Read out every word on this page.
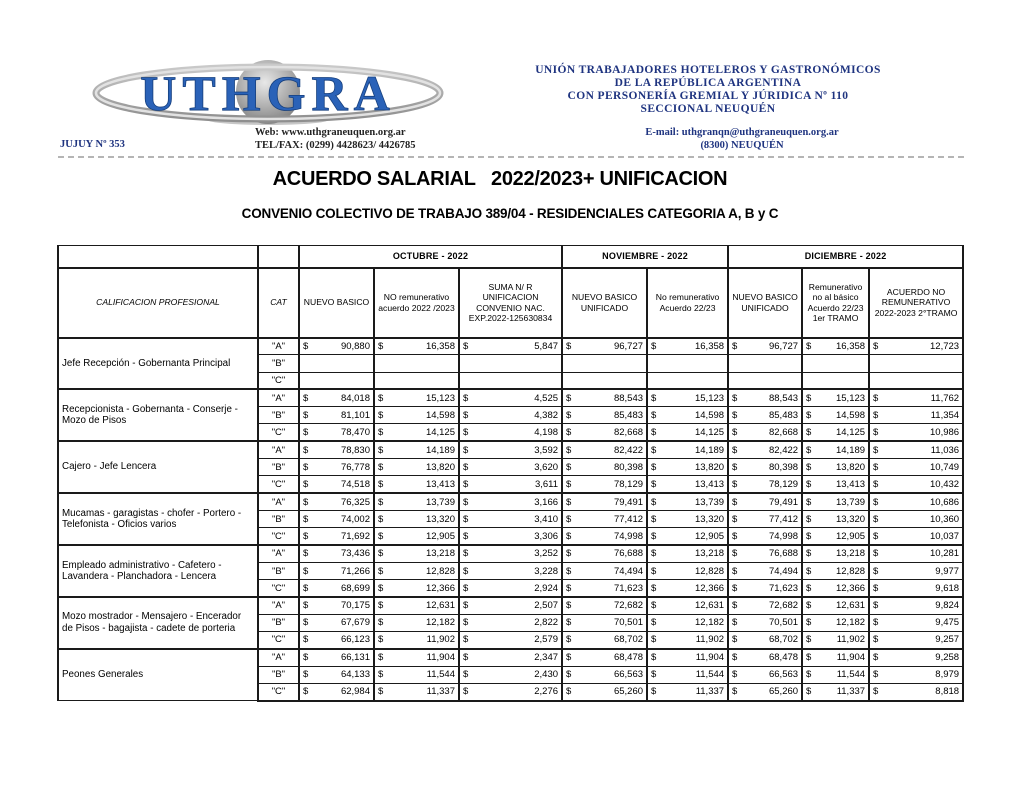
UTHGRA	UNIÓN TRABAJADORES HOTELEROS Y GASTRONÓMICOS
DE LA REPÚBLICA ARGENTINA
CON PERSONERÍA GREMIAL Y JÚRIDICA Nº 110
SECCIONAL NEUQUÉN
JUJUY Nº 353
Web: www.uthgraneuquen.org.ar
TEL/FAX: (0299) 4428623/ 4426785
E-mail: uthgranqn@uthgraneuquen.org.ar
(8300) NEUQUÉN
ACUERDO SALARIAL   2022/2023+ UNIFICACION
CONVENIO COLECTIVO DE TRABAJO 389/04 - RESIDENCIALES CATEGORIA A, B y C
		OCTUBRE - 2022			NOVIEMBRE - 2022		DICIEMBRE - 2022		
CALIFICACION PROFESIONAL	CAT	NUEVO BASICO	NO remunerativo acuerdo 2022 /2023	SUMA N/ R UNIFICACION CONVENIO NAC. EXP.2022-125630834	NUEVO BASICO UNIFICADO	No remunerativo Acuerdo 22/23	NUEVO BASICO UNIFICADO	Remunerativo no al básico Acuerdo 22/23 1er TRAMO	ACUERDO NO REMUNERATIVO 2022-2023 2°TRAMO
Jefe Recepción - Gobernanta Principal	"A"	$ 90,880	$ 16,358	$ 5,847	$ 96,727	$ 16,358	$ 96,727	$ 16,358	$ 12,723
	"B"								
	"C"								
Recepcionista - Gobernanta - Conserje - Mozo de Pisos	"A"	$ 84,018	$ 15,123	$ 4,525	$ 88,543	$ 15,123	$ 88,543	$ 15,123	$ 11,762
	"B"	$ 81,101	$ 14,598	$ 4,382	$ 85,483	$ 14,598	$ 85,483	$ 14,598	$ 11,354
	"C"	$ 78,470	$ 14,125	$ 4,198	$ 82,668	$ 14,125	$ 82,668	$ 14,125	$ 10,986
Cajero - Jefe Lencera	"A"	$ 78,830	$ 14,189	$ 3,592	$ 82,422	$ 14,189	$ 82,422	$ 14,189	$ 11,036
	"B"	$ 76,778	$ 13,820	$ 3,620	$ 80,398	$ 13,820	$ 80,398	$ 13,820	$ 10,749
	"C"	$ 74,518	$ 13,413	$ 3,611	$ 78,129	$ 13,413	$ 78,129	$ 13,413	$ 10,432
Mucamas - garagistas - chofer - Portero - Telefonista - Oficios varios	"A"	$ 76,325	$ 13,739	$ 3,166	$ 79,491	$ 13,739	$ 79,491	$ 13,739	$ 10,686
	"B"	$ 74,002	$ 13,320	$ 3,410	$ 77,412	$ 13,320	$ 77,412	$ 13,320	$ 10,360
	"C"	$ 71,692	$ 12,905	$ 3,306	$ 74,998	$ 12,905	$ 74,998	$ 12,905	$ 10,037
Empleado administrativo - Cafetero - Lavandera - Planchadora - Lencera	"A"	$ 73,436	$ 13,218	$ 3,252	$ 76,688	$ 13,218	$ 76,688	$ 13,218	$ 10,281
	"B"	$ 71,266	$ 12,828	$ 3,228	$ 74,494	$ 12,828	$ 74,494	$ 12,828	$ 9,977
	"C"	$ 68,699	$ 12,366	$ 2,924	$ 71,623	$ 12,366	$ 71,623	$ 12,366	$ 9,618
Mozo mostrador - Mensajero - Encerador de Pisos - bagajista - cadete de porteria	"A"	$ 70,175	$ 12,631	$ 2,507	$ 72,682	$ 12,631	$ 72,682	$ 12,631	$ 9,824
	"B"	$ 67,679	$ 12,182	$ 2,822	$ 70,501	$ 12,182	$ 70,501	$ 12,182	$ 9,475
	"C"	$ 66,123	$ 11,902	$ 2,579	$ 68,702	$ 11,902	$ 68,702	$ 11,902	$ 9,257
Peones Generales	"A"	$ 66,131	$ 11,904	$ 2,347	$ 68,478	$ 11,904	$ 68,478	$ 11,904	$ 9,258
	"B"	$ 64,133	$ 11,544	$ 2,430	$ 66,563	$ 11,544	$ 66,563	$ 11,544	$ 8,979
	"C"	$ 62,984	$ 11,337	$ 2,276	$ 65,260	$ 11,337	$ 65,260	$ 11,337	$ 8,818
